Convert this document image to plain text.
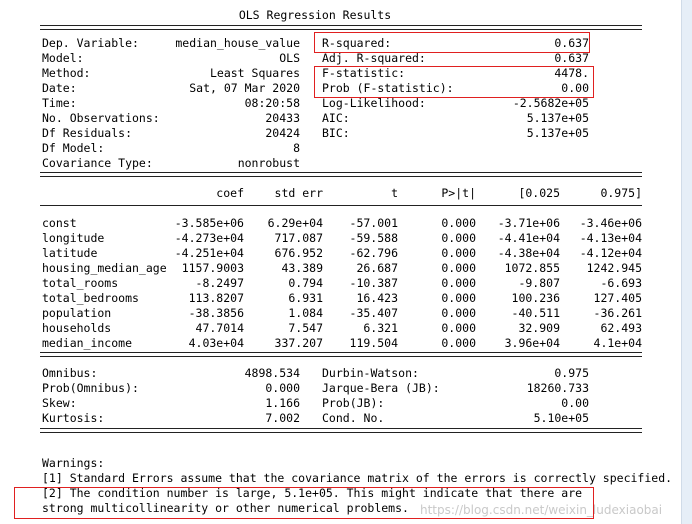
OLS Regression Results
Dep. Variable:	median_house_value
Model:	OLS
Method:	Least Squares
Date:	Sat, 07 Mar 2020
Time:	08:20:58
No. Observations:	20433
Df Residuals:	20424
Df Model:	8
Covariance Type:	nonrobust
R-squared:	0.637
Adj. R-squared:	0.637
F-statistic:	4478.
Prob (F-statistic):	0.00
Log-Likelihood:	-2.5682e+05
AIC:	5.137e+05
BIC:	5.137e+05
coef	std err	t	P>|t|	[0.025	0.975]
const	-3.585e+06 6.29e+04 -57.001	0.000 -3.71e+06 -3.46e+06
longitude	-4.273e+04	717.087 -59.588	0.000 -4.41e+04 -4.13e+04
latitude	-4.251e+04	676.952 -62.796	0.000 -4.38e+04 -4.12e+04
housing_median_age 1157.9003	43.389	26.687	0.000 1072.855 1242.945
total_rooms	-8.2497	0.794 -10.387	0.000	-9.807	-6.693
total_bedrooms	113.8207	6.931	16.423	0.000	100.236	127.405
population	-38.3856	1.084 -35.407	0.000	-40.511	-36.261
households	47.7014	7.547	6.321	0.000	32.909	62.493
median_income	4.03e+04	337.207 119.504	0.000 3.96e+04	4.1e+04
Omnibus:	4898.534
Prob(Omnibus):	0.000
Skew:	1.166
Kurtosis:	7.002
Durbin-Watson:	0.975
Jarque-Bera (JB):	18260.733
Prob(JB):	0.00
Cond. No.	5.10e+05
Warnings:
[1] Standard Errors assume that the covariance matrix of the errors is correctly specified.
[2] The condition number is large, 5.1e+05. This might indicate that there are
strong multicollinearity or other numerical problems. https://blog.csdn.net/weixin_ludexiaobai
